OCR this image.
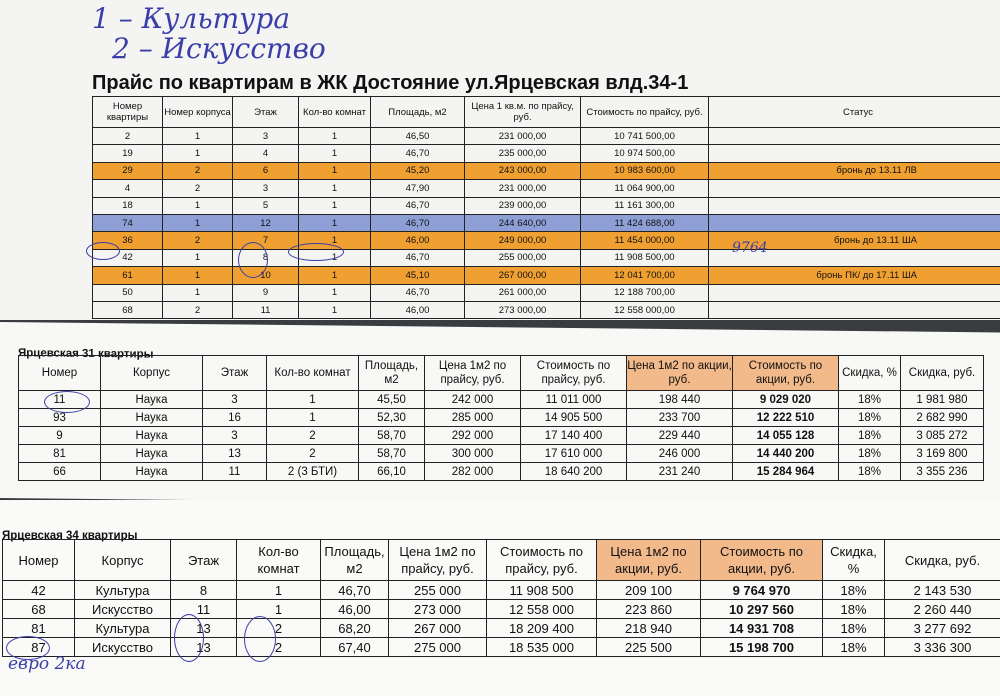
1 – Культура
2 – Искусство
Прайс по квартирам в ЖК Достояние ул.Ярцевская влд.34-1
Номер квартиры	Номер корпуса	Этаж	Кол-во комнат	Площадь, м2	Цена 1 кв.м. по прайсу, руб.	Стоимость по прайсу, руб.	Статус
2	1	3	1	46,50	231 000,00	10 741 500,00	
19	1	4	1	46,70	235 000,00	10 974 500,00	
29	2	6	1	45,20	243 000,00	10 983 600,00	бронь до 13.11 ЛВ
4	2	3	1	47,90	231 000,00	11 064 900,00	
18	1	5	1	46,70	239 000,00	11 161 300,00	
74	1	12	1	46,70	244 640,00	11 424 688,00	
36	2	7	1	46,00	249 000,00	11 454 000,00	бронь до 13.11 ША
42	1	8	1	46,70	255 000,00	11 908 500,00	
61	1	10	1	45,10	267 000,00	12 041 700,00	бронь ПК/ до 17.11 ША
50	1	9	1	46,70	261 000,00	12 188 700,00	
68	2	11	1	46,00	273 000,00	12 558 000,00	
9764
Ярцевская 31 квартиры
Номер	Корпус	Этаж	Кол-во комнат	Площадь, м2	Цена 1м2 по прайсу, руб.	Стоимость по прайсу, руб.	Цена 1м2 по акции, руб.	Стоимость по акции, руб.	Скидка, %	Скидка, руб.
11	Наука	3	1	45,50	242 000	11 011 000	198 440	9 029 020	18%	1 981 980
93	Наука	16	1	52,30	285 000	14 905 500	233 700	12 222 510	18%	2 682 990
9	Наука	3	2	58,70	292 000	17 140 400	229 440	14 055 128	18%	3 085 272
81	Наука	13	2	58,70	300 000	17 610 000	246 000	14 440 200	18%	3 169 800
66	Наука	11	2 (3 БТИ)	66,10	282 000	18 640 200	231 240	15 284 964	18%	3 355 236
Ярцевская 34 квартиры
Номер	Корпус	Этаж	Кол-во комнат	Площадь, м2	Цена 1м2 по прайсу, руб.	Стоимость по прайсу, руб.	Цена 1м2 по акции, руб.	Стоимость по акции, руб.	Скидка, %	Скидка, руб.
42	Культура	8	1	46,70	255 000	11 908 500	209 100	9 764 970	18%	2 143 530
68	Искусство	11	1	46,00	273 000	12 558 000	223 860	10 297 560	18%	2 260 440
81	Культура	13	2	68,20	267 000	18 209 400	218 940	14 931 708	18%	3 277 692
87	Искусство	13	2	67,40	275 000	18 535 000	225 500	15 198 700	18%	3 336 300
евро 2ка
